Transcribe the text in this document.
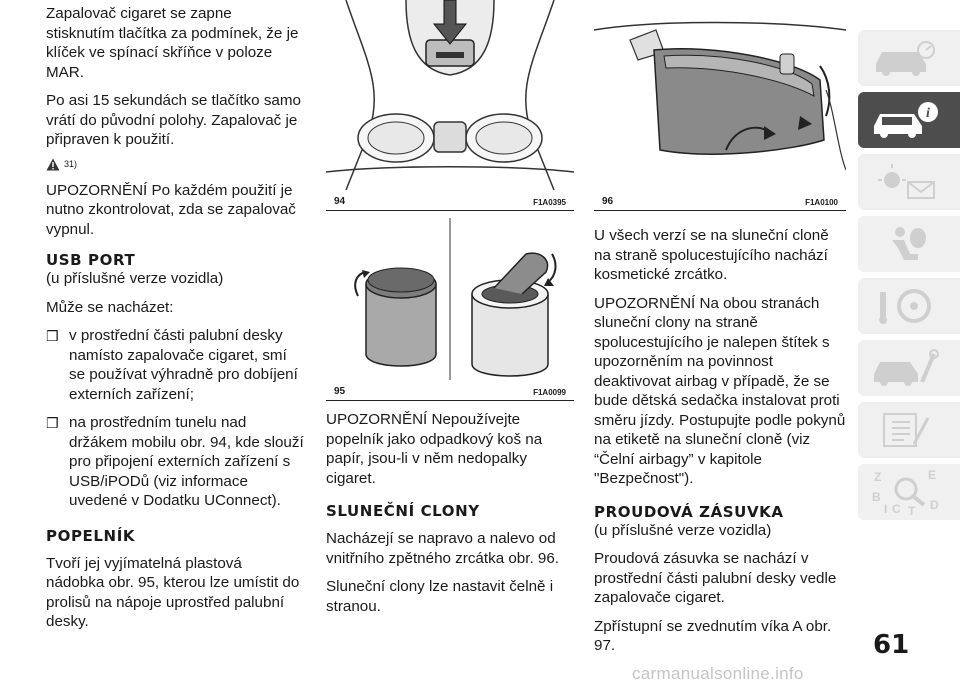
Zapalovač cigaret se zapne stisknutím tlačítka za podmínek, že je klíček ve spínací skříňce v poloze MAR.

Po asi 15 sekundách se tlačítko samo vrátí do původní polohy. Zapalovač je připraven k použití.

31)

UPOZORNĚNÍ Po každém použití je nutno zkontrolovat, zda se zapalovač vypnul.

USB PORT

(u příslušné verze vozidla)

Může se nacházet:

❒ v prostřední části palubní desky namísto zapalovače cigaret, smí se používat výhradně pro dobíjení externích zařízení;
❒ na prostředním tunelu nad držákem mobilu obr. 94, kde slouží pro připojení externích zařízení s USB/iPODů (viz informace uvedené v Dodatku UConnect).
POPELNÍK

Tvoří jej vyjímatelná plastová nádobka obr. 95, kterou lze umístit do prolisů na nápoje uprostřed palubní desky.

94	F1A0395
95	F1A0099

UPOZORNĚNÍ Nepoužívejte popelník jako odpadkový koš na papír, jsou-li v něm nedopalky cigaret.

SLUNEČNÍ CLONY

Nacházejí se napravo a nalevo od vnitřního zpětného zrcátka obr. 96.

Sluneční clony lze nastavit čelně i stranou.

96	F1A0100

U všech verzí se na sluneční cloně na straně spolucestujícího nachází kosmetické zrcátko.

UPOZORNĚNÍ Na obou stranách sluneční clony na straně spolucestujícího je nalepen štítek s upozorněním na povinnost deaktivovat airbag v případě, že se bude dětská sedačka instalovat proti směru jízdy. Postupujte podle pokynů na etiketě na sluneční cloně (viz “Čelní airbagy” v kapitole "Bezpečnost").

PROUDOVÁ ZÁSUVKA

(u příslušné verze vozidla)

Proudová zásuvka se nachází v prostřední části palubní desky vedle zapalovače cigaret.

Zpřístupní se zvednutím víka A obr. 97.

i
Z	E
B
I C T D
61
carmanualsonline.info
